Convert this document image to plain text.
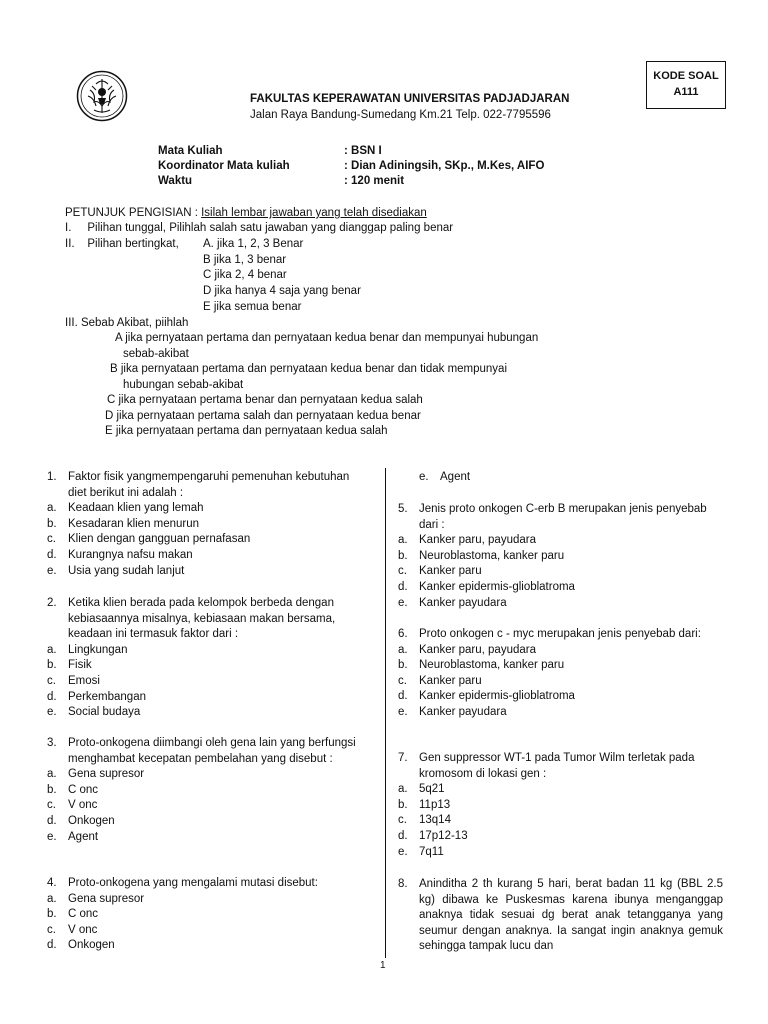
KODE SOAL
A111
FAKULTAS KEPERAWATAN UNIVERSITAS PADJADJARAN
Jalan Raya Bandung-Sumedang Km.21 Telp. 022-7795596
Mata Kuliah	: BSN I
Koordinator Mata kuliah	: Dian Adiningsih, SKp., M.Kes, AIFO
Waktu	: 120 menit
PETUNJUK PENGISIAN : Isilah lembar jawaban yang telah disediakan
I.     Pilihan tunggal, Pilihlah salah satu jawaban yang dianggap paling benar
II.    Pilihan bertingkat, A. jika 1, 2, 3 Benar
B jika 1, 3 benar
C jika 2, 4 benar
D jika hanya 4 saja yang benar
E jika semua benar
III. Sebab Akibat, piihlah
A jika pernyataan pertama dan pernyataan kedua benar dan mempunyai hubungan
sebab-akibat
B jika pernyataan pertama dan pernyataan kedua benar dan tidak mempunyai
hubungan sebab-akibat
C jika pernyataan pertama benar dan pernyataan kedua salah
D jika pernyataan pertama salah dan pernyataan kedua benar
E jika pernyataan pertama dan pernyataan kedua salah
1. Faktor fisik yangmempengaruhi pemenuhan kebutuhan diet berikut ini adalah :
a. Keadaan klien yang lemah
b. Kesadaran klien menurun
c. Klien dengan gangguan pernafasan
d. Kurangnya nafsu makan
e. Usia yang sudah lanjut
2. Ketika klien berada pada kelompok berbeda dengan kebiasaannya misalnya, kebiasaan makan bersama, keadaan ini termasuk faktor dari :
a. Lingkungan
b. Fisik
c. Emosi
d. Perkembangan
e. Social budaya
3. Proto-onkogena diimbangi oleh gena lain yang berfungsi menghambat kecepatan pembelahan yang disebut :
a. Gena supresor
b. C onc
c. V onc
d. Onkogen
e. Agent
4. Proto-onkogena yang mengalami mutasi disebut:
a. Gena supresor
b. C onc
c. V onc
d. Onkogen
e. Agent
5. Jenis proto onkogen C-erb B merupakan jenis penyebab dari :
a. Kanker paru, payudara
b. Neuroblastoma, kanker paru
c. Kanker paru
d. Kanker epidermis-glioblatroma
e. Kanker payudara
6. Proto onkogen c - myc merupakan jenis penyebab dari:
a. Kanker paru, payudara
b. Neuroblastoma, kanker paru
c. Kanker paru
d. Kanker epidermis-glioblatroma
e. Kanker payudara
7. Gen suppressor WT-1 pada Tumor Wilm terletak pada kromosom di lokasi gen :
a. 5q21
b. 11p13
c. 13q14
d. 17p12-13
e. 7q11
8. Aninditha 2 th kurang 5 hari, berat badan 11 kg (BBL 2.5 kg) dibawa ke Puskesmas karena ibunya menganggap anaknya tidak sesuai dg berat anak tetangganya yang seumur dengan anaknya. Ia sangat ingin anaknya gemuk sehingga tampak lucu dan
1
